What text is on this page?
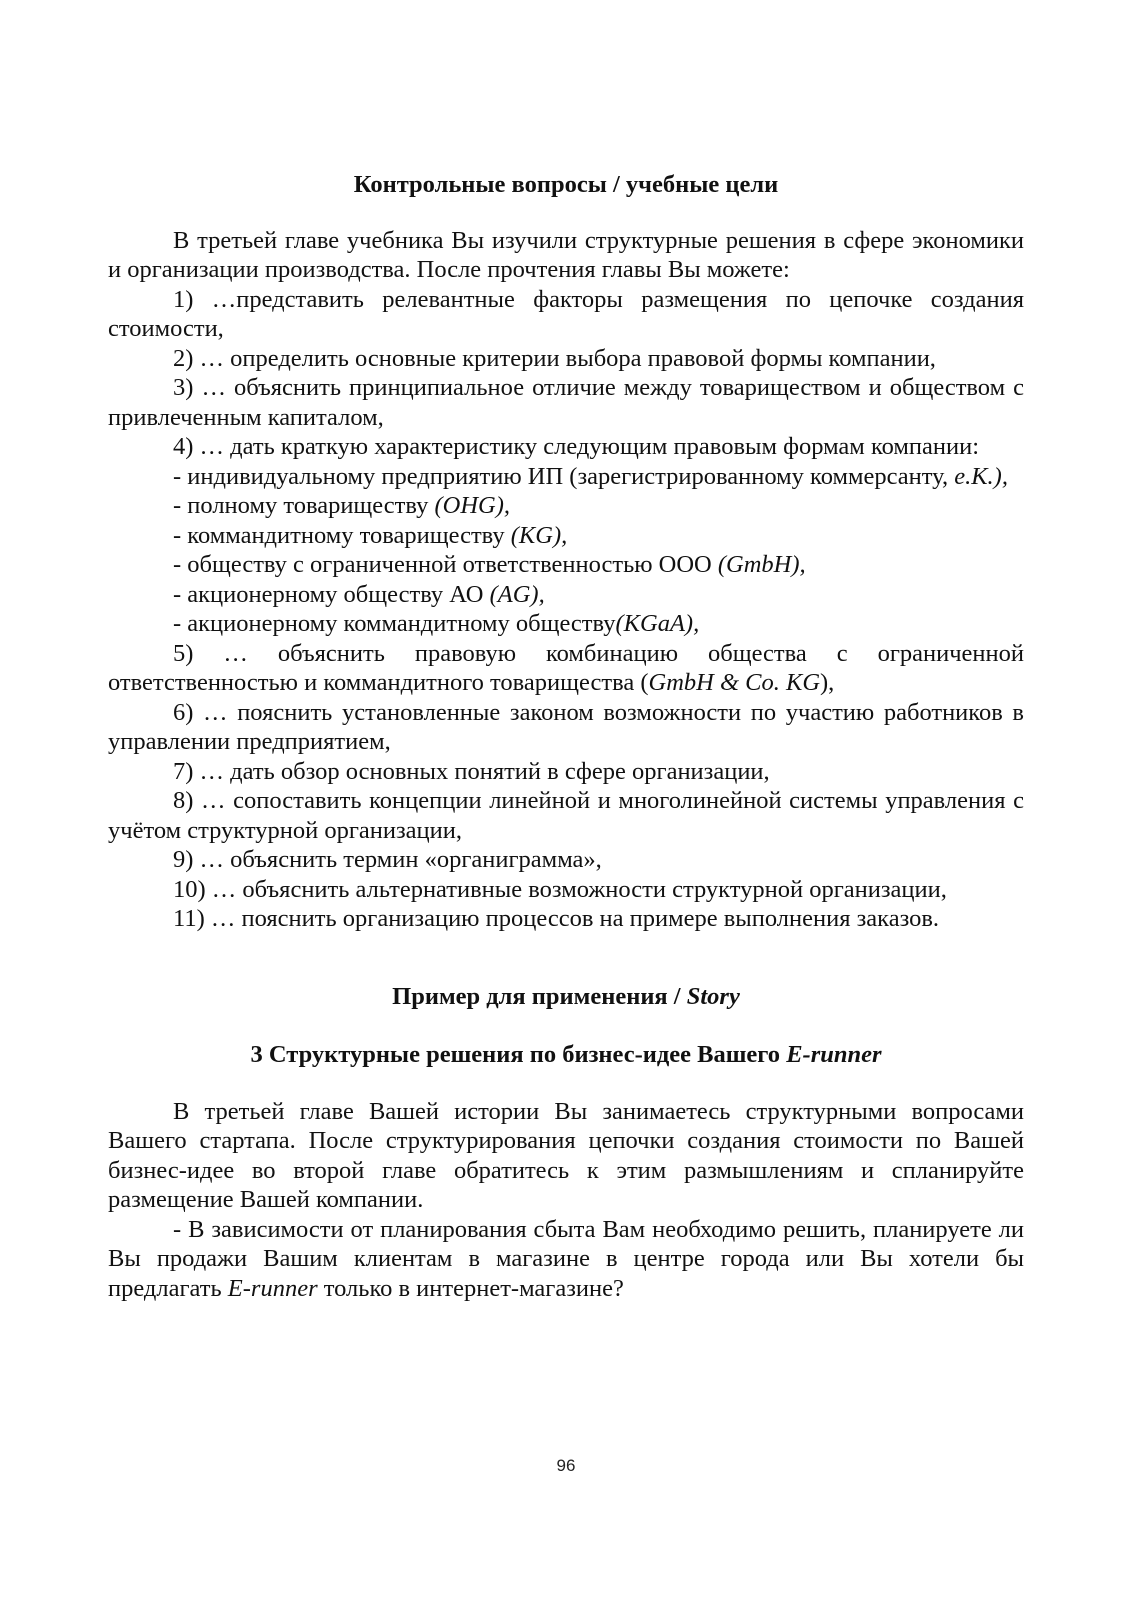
Контрольные вопросы / учебные цели

В третьей главе учебника Вы изучили структурные решения в сфере экономики и организации производства. После прочтения главы Вы можете:

1) …представить релевантные факторы размещения по цепочке создания стоимости,

2) … определить основные критерии выбора правовой формы компании,

3) … объяснить принципиальное отличие между товариществом и обществом с привлеченным капиталом,

4) … дать краткую характеристику следующим правовым формам компании:

- индивидуальному предприятию ИП (зарегистрированному коммерсанту, e.K.),

- полному товариществу (OHG),

- коммандитному товариществу (KG),

- обществу с ограниченной ответственностью ООО (GmbH),

- акционерному обществу АО (AG),

- акционерному коммандитному обществу(KGaA),

5) … объяснить правовую комбинацию общества с ограниченной ответственностью и коммандитного товарищества (GmbH & Co. KG),

6) … пояснить установленные законом возможности по участию работников в управлении предприятием,

7) … дать обзор основных понятий в сфере организации,

8) … сопоставить концепции линейной и многолинейной системы управления с учётом структурной организации,

9) … объяснить термин «органиграмма»,

10) … объяснить альтернативные возможности структурной организации,

11) … пояснить организацию процессов на примере выполнения заказов.

Пример для применения / Story
3 Структурные решения по бизнес-идее Вашего E-runner

В третьей главе Вашей истории Вы занимаетесь структурными вопросами Вашего стартапа. После структурирования цепочки создания стоимости по Вашей бизнес-идее во второй главе обратитесь к этим размышлениям и спланируйте размещение Вашей компании.

- В зависимости от планирования сбыта Вам необходимо решить, планируете ли Вы продажи Вашим клиентам в магазине в центре города или Вы хотели бы предлагать E-runner только в интернет-магазине?

96
